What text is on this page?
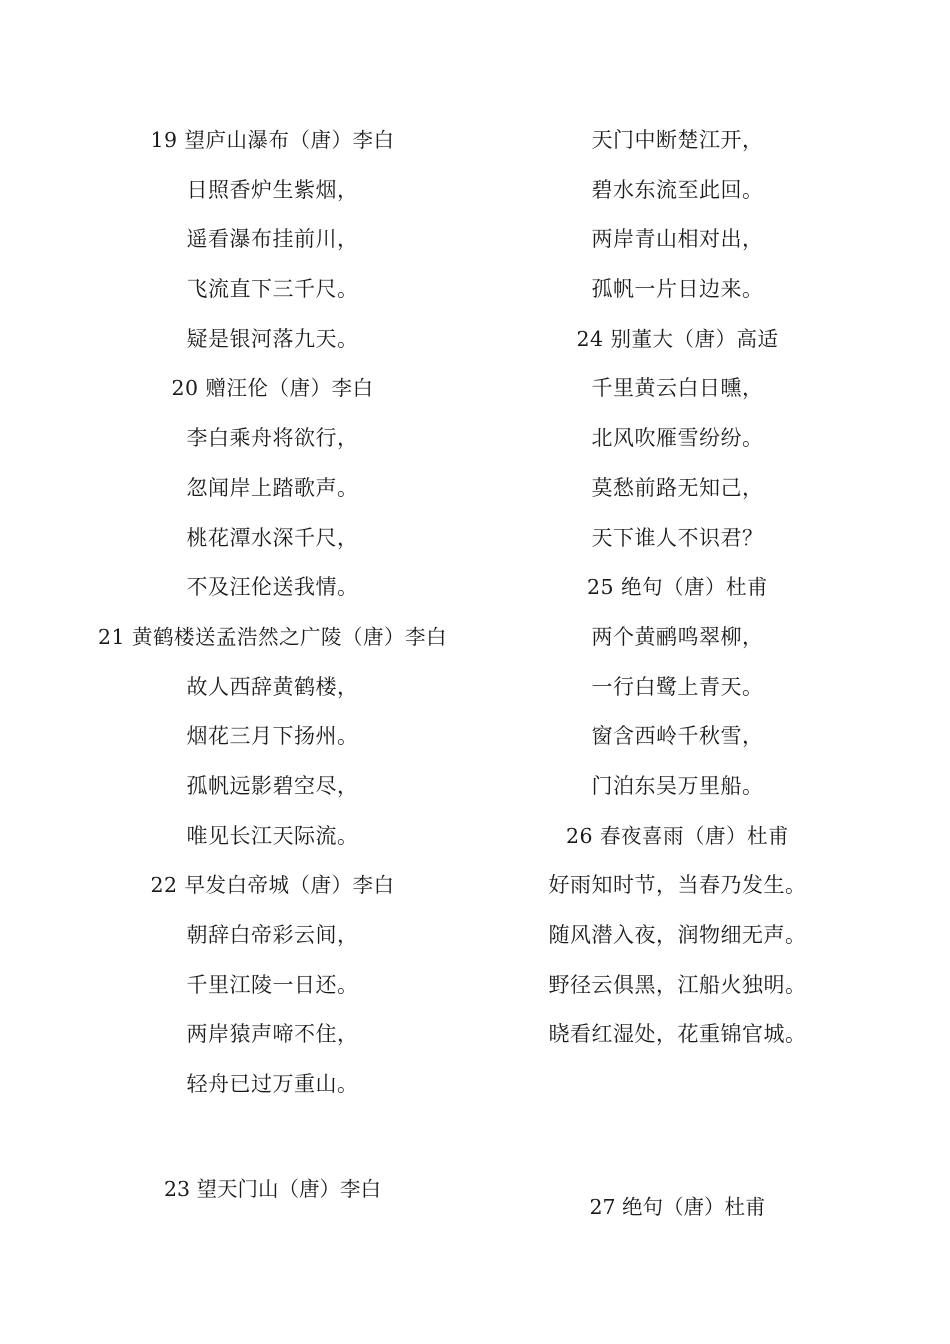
19 望庐山瀑布（唐）李白
日照香炉生紫烟，
遥看瀑布挂前川，
飞流直下三千尺。
疑是银河落九天。
20 赠汪伦（唐）李白
李白乘舟将欲行，
忽闻岸上踏歌声。
桃花潭水深千尺，
不及汪伦送我情。
21 黄鹤楼送孟浩然之广陵（唐）李白
故人西辞黄鹤楼，
烟花三月下扬州。
孤帆远影碧空尽，
唯见长江天际流。
22 早发白帝城（唐）李白
朝辞白帝彩云间，
千里江陵一日还。
两岸猿声啼不住，
轻舟已过万重山。
天门中断楚江开，
碧水东流至此回。
两岸青山相对出，
孤帆一片日边来。
24 别董大（唐）高适
千里黄云白日曛，
北风吹雁雪纷纷。
莫愁前路无知己，
天下谁人不识君？
25 绝句（唐）杜甫
两个黄鹂鸣翠柳，
一行白鹭上青天。
窗含西岭千秋雪，
门泊东吴万里船。
26 春夜喜雨（唐）杜甫
好雨知时节，当春乃发生。
随风潜入夜，润物细无声。
野径云俱黑，江船火独明。
晓看红湿处，花重锦官城。
23 望天门山（唐）李白
27 绝句（唐）杜甫
